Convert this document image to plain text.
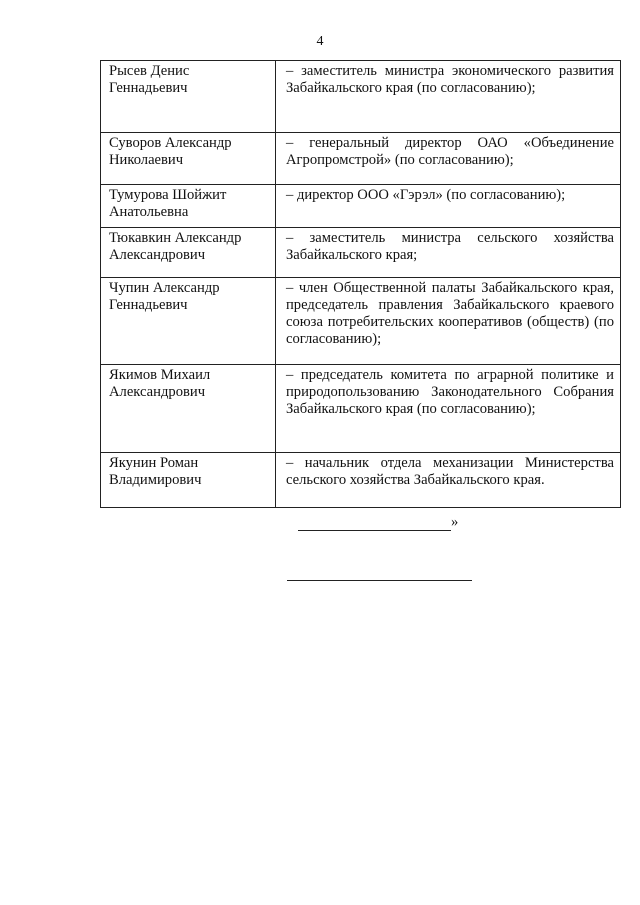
4
Рысев Денис Геннадьевич	– заместитель министра экономического развития Забайкальского края (по согласованию);
Суворов Александр Николаевич	– генеральный директор ОАО «Объединение Агропромстрой» (по согласованию);
Тумурова Шойжит Анатольевна	– директор ООО «Гэрэл» (по согласованию);
Тюкавкин Александр Александрович	– заместитель министра сельского хозяйства Забайкальского края;
Чупин Александр Геннадьевич	– член Общественной палаты Забайкальского края, председатель правления Забайкальского краевого союза потребительских кооперативов (обществ) (по согласованию);
Якимов Михаил Александрович	– председатель комитета по аграрной политике и природопользованию Законодательного Собрания Забайкальского края (по согласованию);
Якунин Роман Владимирович	– начальник отдела механизации Министерства сельского хозяйства Забайкальского края.
»
